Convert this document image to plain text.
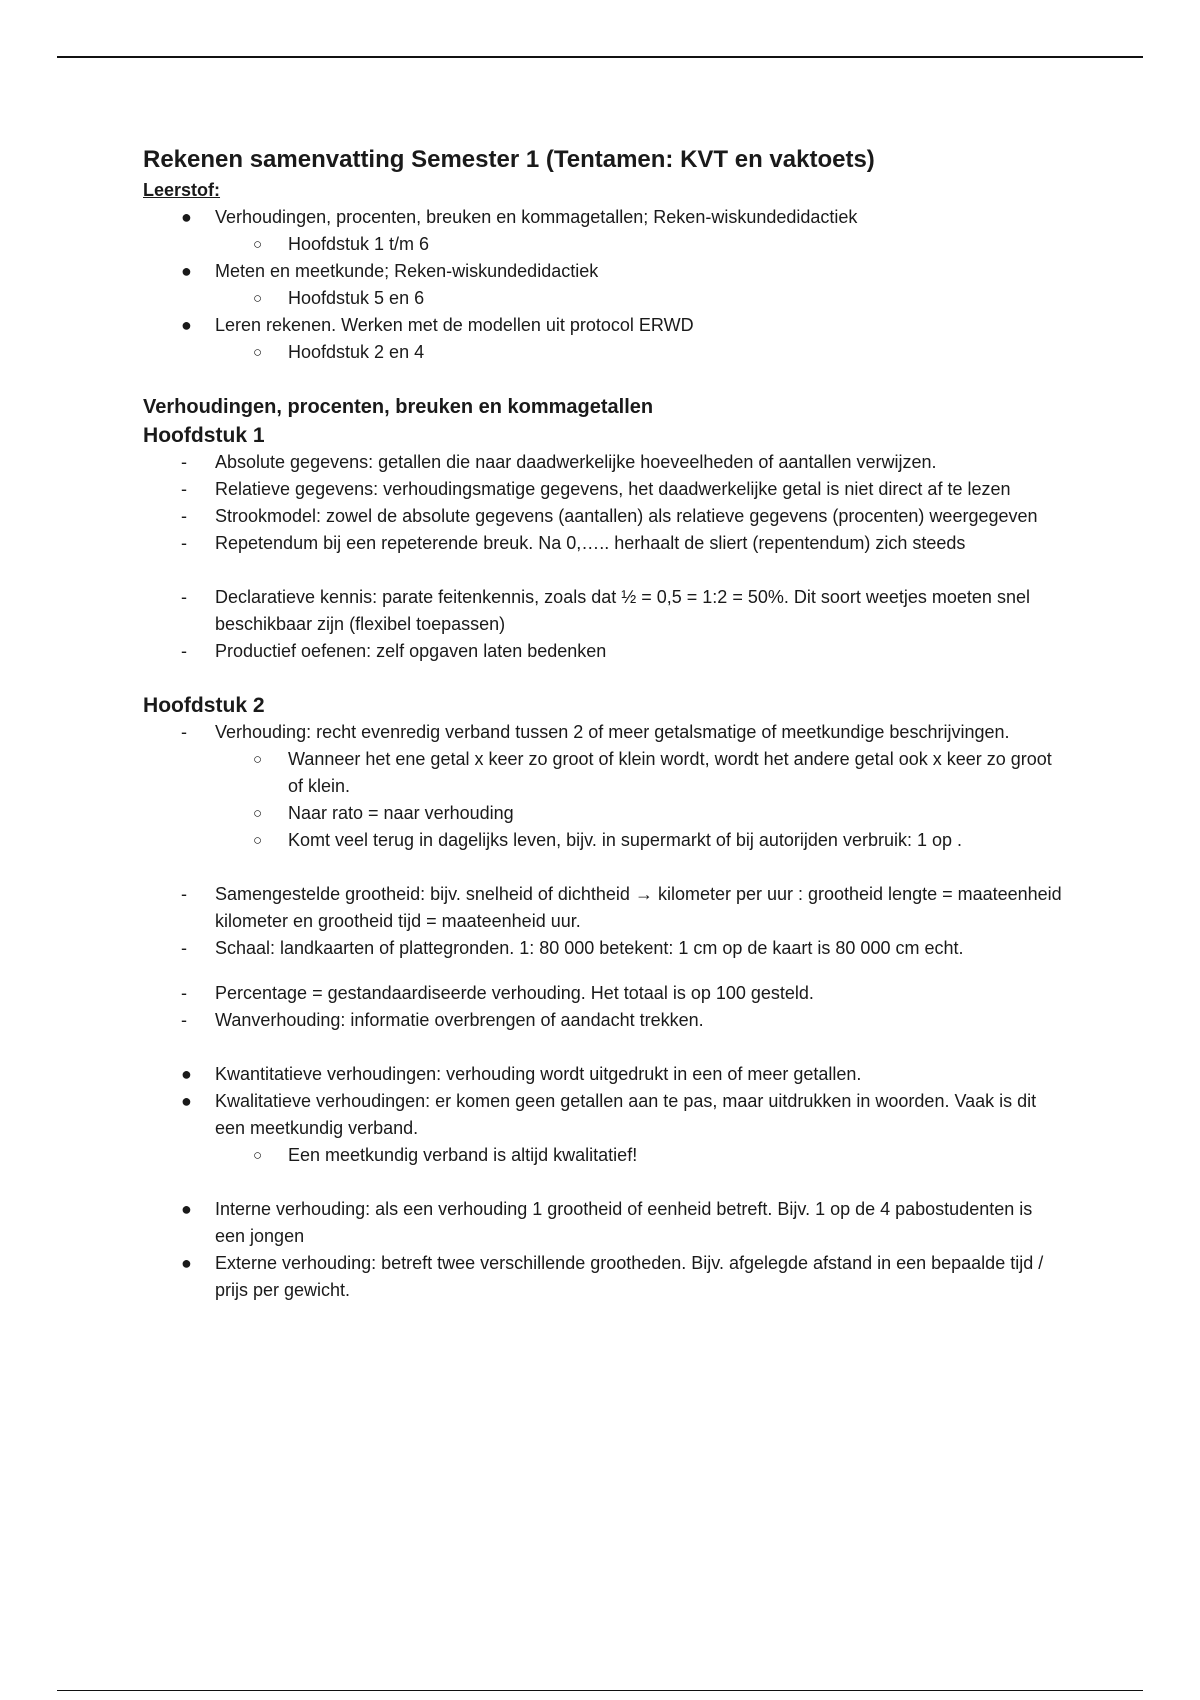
Rekenen samenvatting Semester 1 (Tentamen: KVT en vaktoets)

Leerstof:

●	Verhoudingen, procenten, breuken en kommagetallen; Reken-wiskundedidactiek
○	Hoofdstuk 1 t/m 6
●	Meten en meetkunde; Reken-wiskundedidactiek
○	Hoofdstuk 5 en 6
●	Leren rekenen. Werken met de modellen uit protocol ERWD
○	Hoofdstuk 2 en 4
Verhoudingen, procenten, breuken en kommagetallen
Hoofdstuk 1
-	Absolute gegevens: getallen die naar daadwerkelijke hoeveelheden of aantallen verwijzen.
-	Relatieve gegevens: verhoudingsmatige gegevens, het daadwerkelijke getal is niet direct af te lezen
-	Strookmodel: zowel de absolute gegevens (aantallen) als relatieve gegevens (procenten) weergegeven
-	Repetendum bij een repeterende breuk. Na 0,….. herhaalt de sliert (repentendum) zich steeds
-	Declaratieve kennis: parate feitenkennis, zoals dat ½ = 0,5 = 1:2 = 50%. Dit soort weetjes moeten snel beschikbaar zijn (flexibel toepassen)
-	Productief oefenen: zelf opgaven laten bedenken
Hoofdstuk 2
-	Verhouding: recht evenredig verband tussen 2 of meer getalsmatige of meetkundige beschrijvingen.
○	Wanneer het ene getal x keer zo groot of klein wordt, wordt het andere getal ook x keer zo groot of klein.
○	Naar rato = naar verhouding
○	Komt veel terug in dagelijks leven, bijv. in supermarkt of bij autorijden verbruik: 1 op .
-	Samengestelde grootheid: bijv. snelheid of dichtheid → kilometer per uur : grootheid lengte = maateenheid kilometer en grootheid tijd = maateenheid uur.
-	Schaal: landkaarten of plattegronden. 1: 80 000 betekent: 1 cm op de kaart is 80 000 cm echt.
-	Percentage = gestandaardiseerde verhouding. Het totaal is op 100 gesteld.
-	Wanverhouding: informatie overbrengen of aandacht trekken.
●	Kwantitatieve verhoudingen: verhouding wordt uitgedrukt in een of meer getallen.
●	Kwalitatieve verhoudingen: er komen geen getallen aan te pas, maar uitdrukken in woorden. Vaak is dit een meetkundig verband.
○	Een meetkundig verband is altijd kwalitatief!
●	Interne verhouding: als een verhouding 1 grootheid of eenheid betreft. Bijv. 1 op de 4 pabostudenten is een jongen
●	Externe verhouding: betreft twee verschillende grootheden. Bijv. afgelegde afstand in een bepaalde tijd / prijs per gewicht.
